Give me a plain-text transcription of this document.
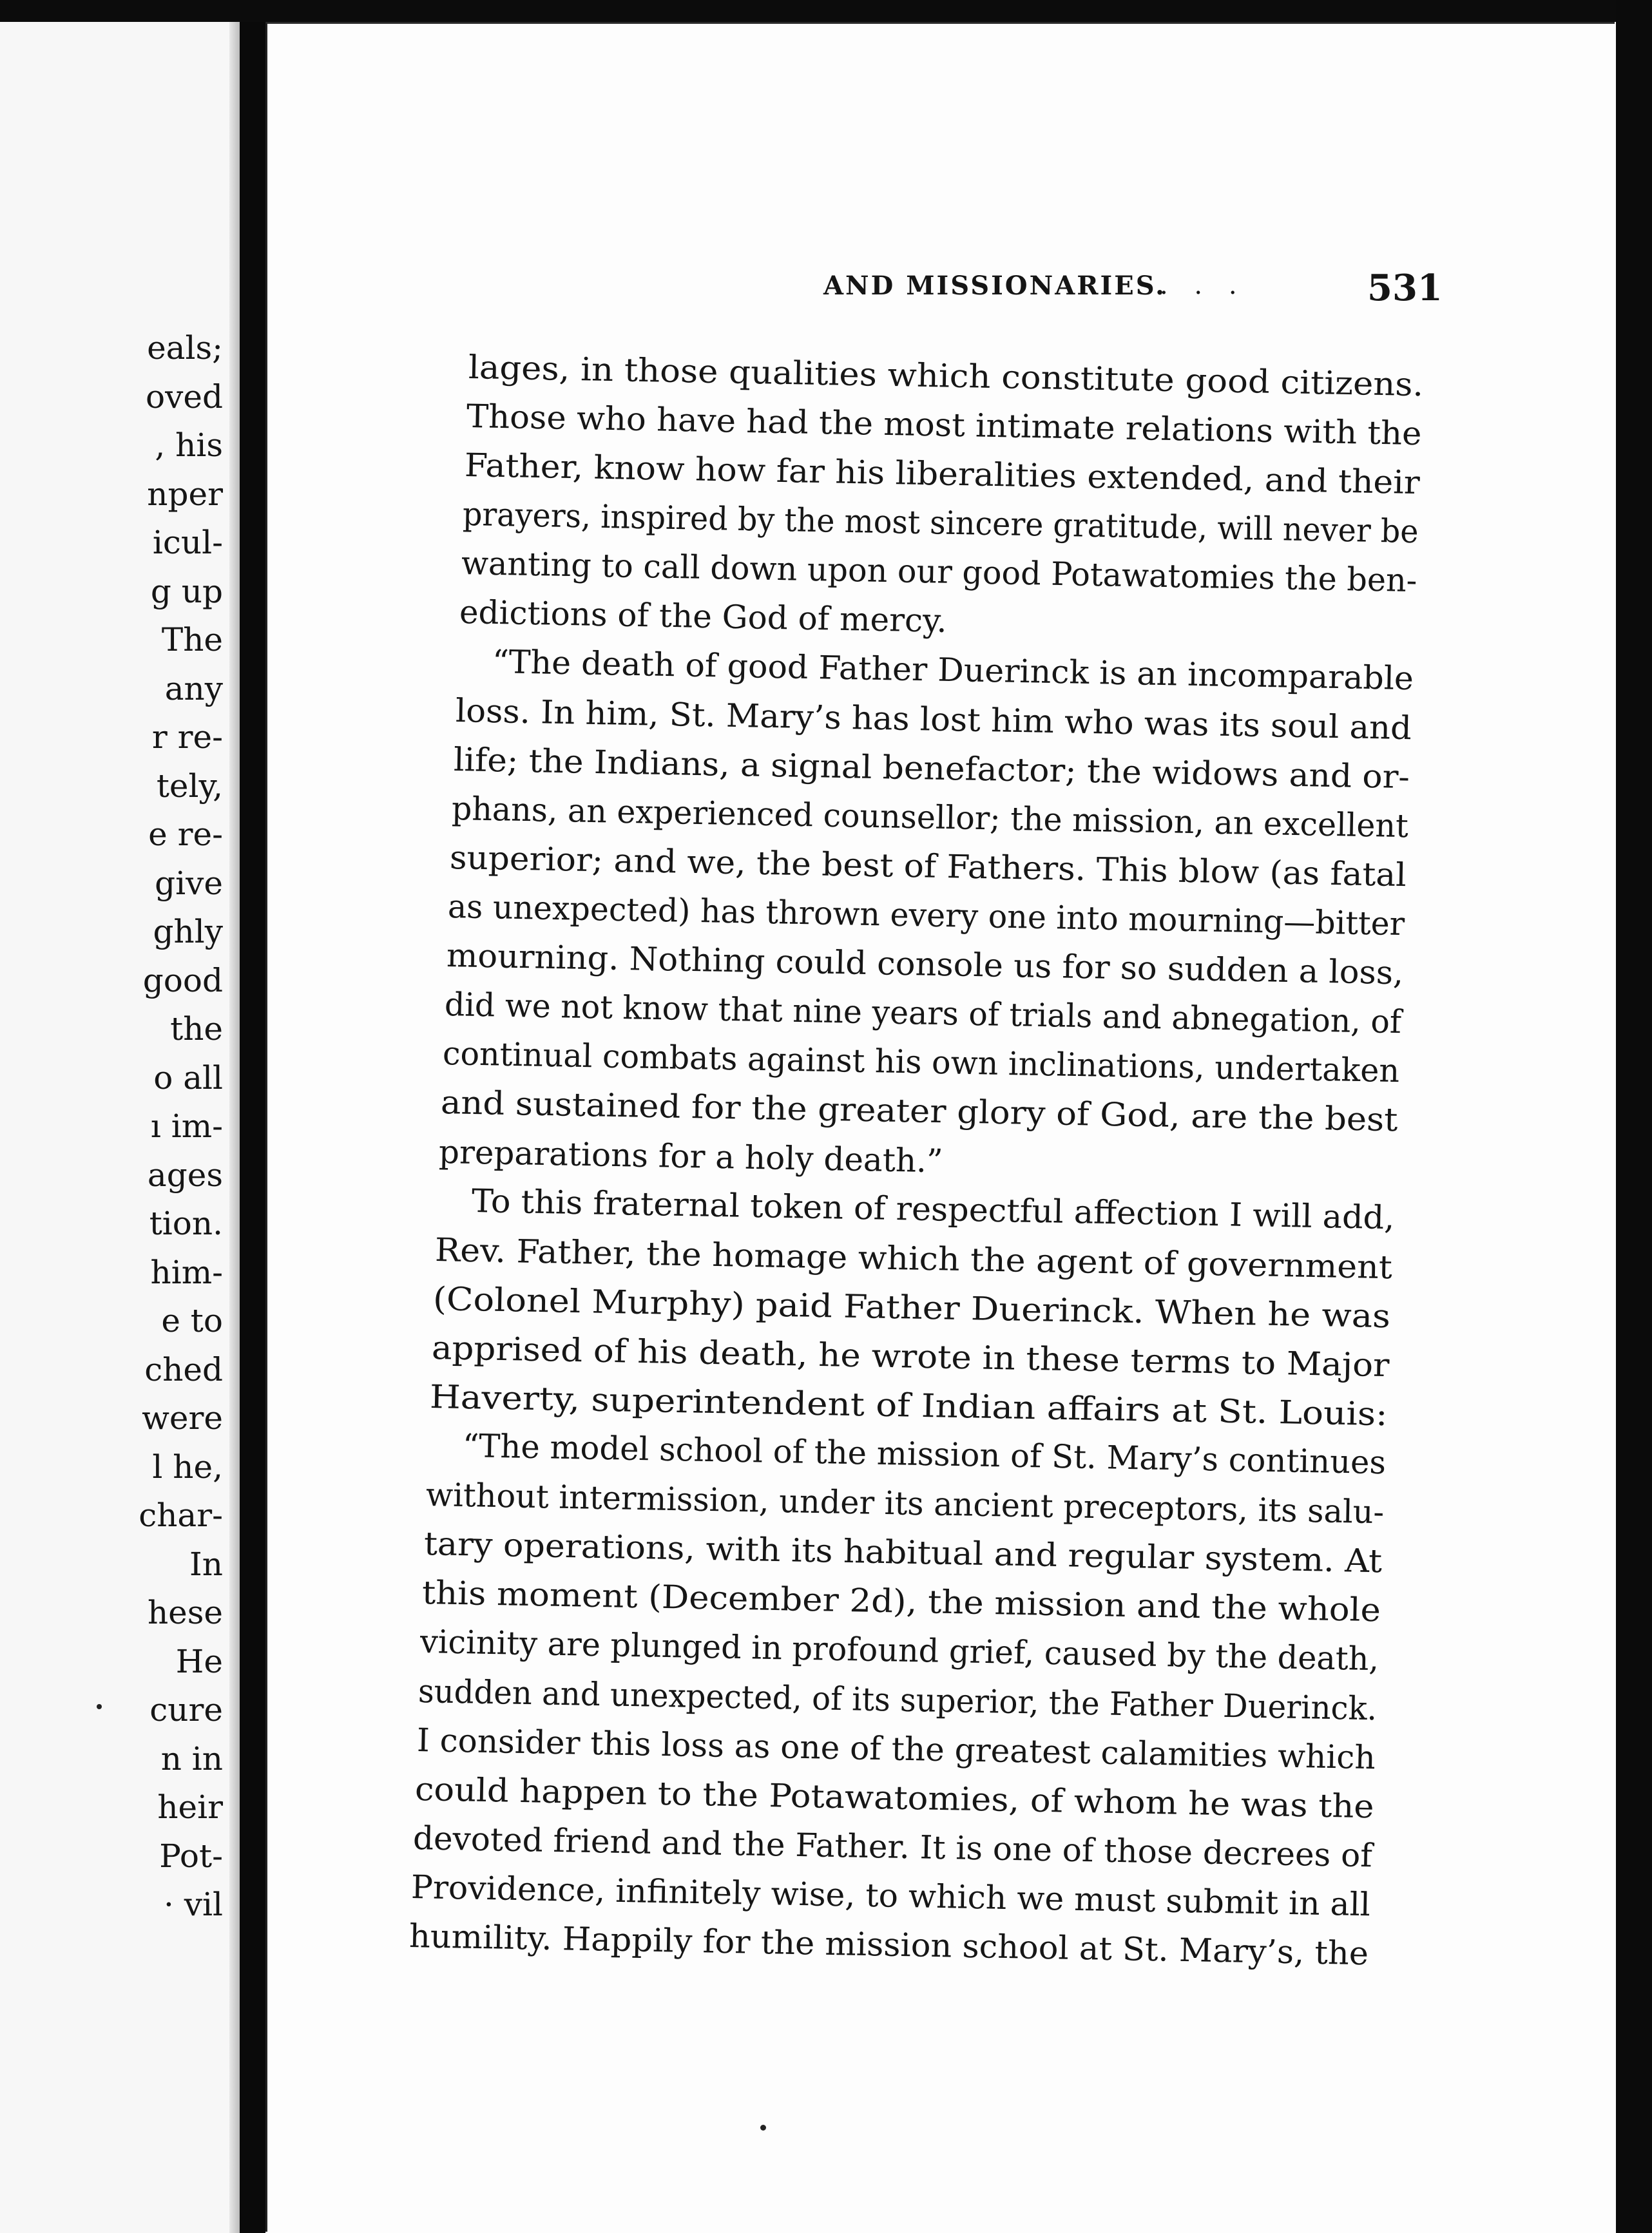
eals;
oved
, his
nper
icul-
g up
The
any
r re-
tely,
e re-
give
ghly
good
the
o all
ı im-
ages
tion.
him-
e to
ched
were
l he,
char-
In
hese
He
cure
n in
heir
Pot-
· vil
AND MISSIONARIES.
. . .	531
lages, in those qualities which constitute good citizens.
Those who have had the most intimate relations with the
Father, know how far his liberalities extended, and their
prayers, inspired by the most sincere gratitude, will never be
wanting to call down upon our good Potawatomies the ben-
edictions of the God of mercy.
“The death of good Father Duerinck is an incomparable
loss. In him, St. Mary’s has lost him who was its soul and
life; the Indians, a signal benefactor; the widows and or-
phans, an experienced counsellor; the mission, an excellent
superior; and we, the best of Fathers. This blow (as fatal
as unexpected) has thrown every one into mourning—bitter
mourning. Nothing could console us for so sudden a loss,
did we not know that nine years of trials and abnegation, of
continual combats against his own inclinations, undertaken
and sustained for the greater glory of God, are the best
preparations for a holy death.”
To this fraternal token of respectful affection I will add,
Rev. Father, the homage which the agent of government
(Colonel Murphy) paid Father Duerinck. When he was
apprised of his death, he wrote in these terms to Major
Haverty, superintendent of Indian affairs at St. Louis:
“The model school of the mission of St. Mary’s continues
without intermission, under its ancient preceptors, its salu-
tary operations, with its habitual and regular system. At
this moment (December 2d), the mission and the whole
vicinity are plunged in profound grief, caused by the death,
sudden and unexpected, of its superior, the Father Duerinck.
I consider this loss as one of the greatest calamities which
could happen to the Potawatomies, of whom he was the
devoted friend and the Father. It is one of those decrees of
Providence, infinitely wise, to which we must submit in all
humility. Happily for the mission school at St. Mary’s, the
